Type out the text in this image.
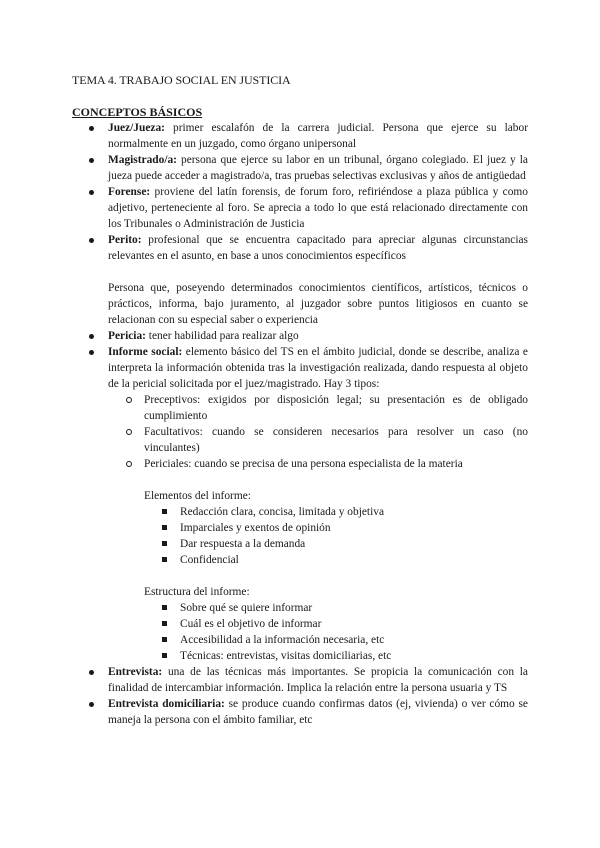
TEMA 4. TRABAJO SOCIAL EN JUSTICIA
CONCEPTOS BÁSICOS
Juez/Jueza: primer escalafón de la carrera judicial. Persona que ejerce su labor normalmente en un juzgado, como órgano unipersonal
Magistrado/a: persona que ejerce su labor en un tribunal, órgano colegiado. El juez y la jueza puede acceder a magistrado/a, tras pruebas selectivas exclusivas y años de antigüedad
Forense: proviene del latín forensis, de forum foro, refiriéndose a plaza pública y como adjetivo, perteneciente al foro. Se aprecia a todo lo que está relacionado directamente con los Tribunales o Administración de Justicia
Perito: profesional que se encuentra capacitado para apreciar algunas circunstancias relevantes en el asunto, en base a unos conocimientos específicos
Persona que, poseyendo determinados conocimientos científicos, artísticos, técnicos o prácticos, informa, bajo juramento, al juzgador sobre puntos litigiosos en cuanto se relacionan con su especial saber o experiencia
Pericia: tener habilidad para realizar algo
Informe social: elemento básico del TS en el ámbito judicial, donde se describe, analiza e interpreta la información obtenida tras la investigación realizada, dando respuesta al objeto de la pericial solicitada por el juez/magistrado. Hay 3 tipos:
Preceptivos: exigidos por disposición legal; su presentación es de obligado cumplimiento
Facultativos: cuando se consideren necesarios para resolver un caso (no vinculantes)
Periciales: cuando se precisa de una persona especialista de la materia
Elementos del informe:
Redacción clara, concisa, limitada y objetiva
Imparciales y exentos de opinión
Dar respuesta a la demanda
Confidencial
Estructura del informe:
Sobre qué se quiere informar
Cuál es el objetivo de informar
Accesibilidad a la información necesaria, etc
Técnicas: entrevistas, visitas domiciliarias, etc
Entrevista: una de las técnicas más importantes. Se propicia la comunicación con la finalidad de intercambiar información. Implica la relación entre la persona usuaria y TS
Entrevista domiciliaria: se produce cuando confirmas datos (ej, vivienda) o ver cómo se maneja la persona con el ámbito familiar, etc
